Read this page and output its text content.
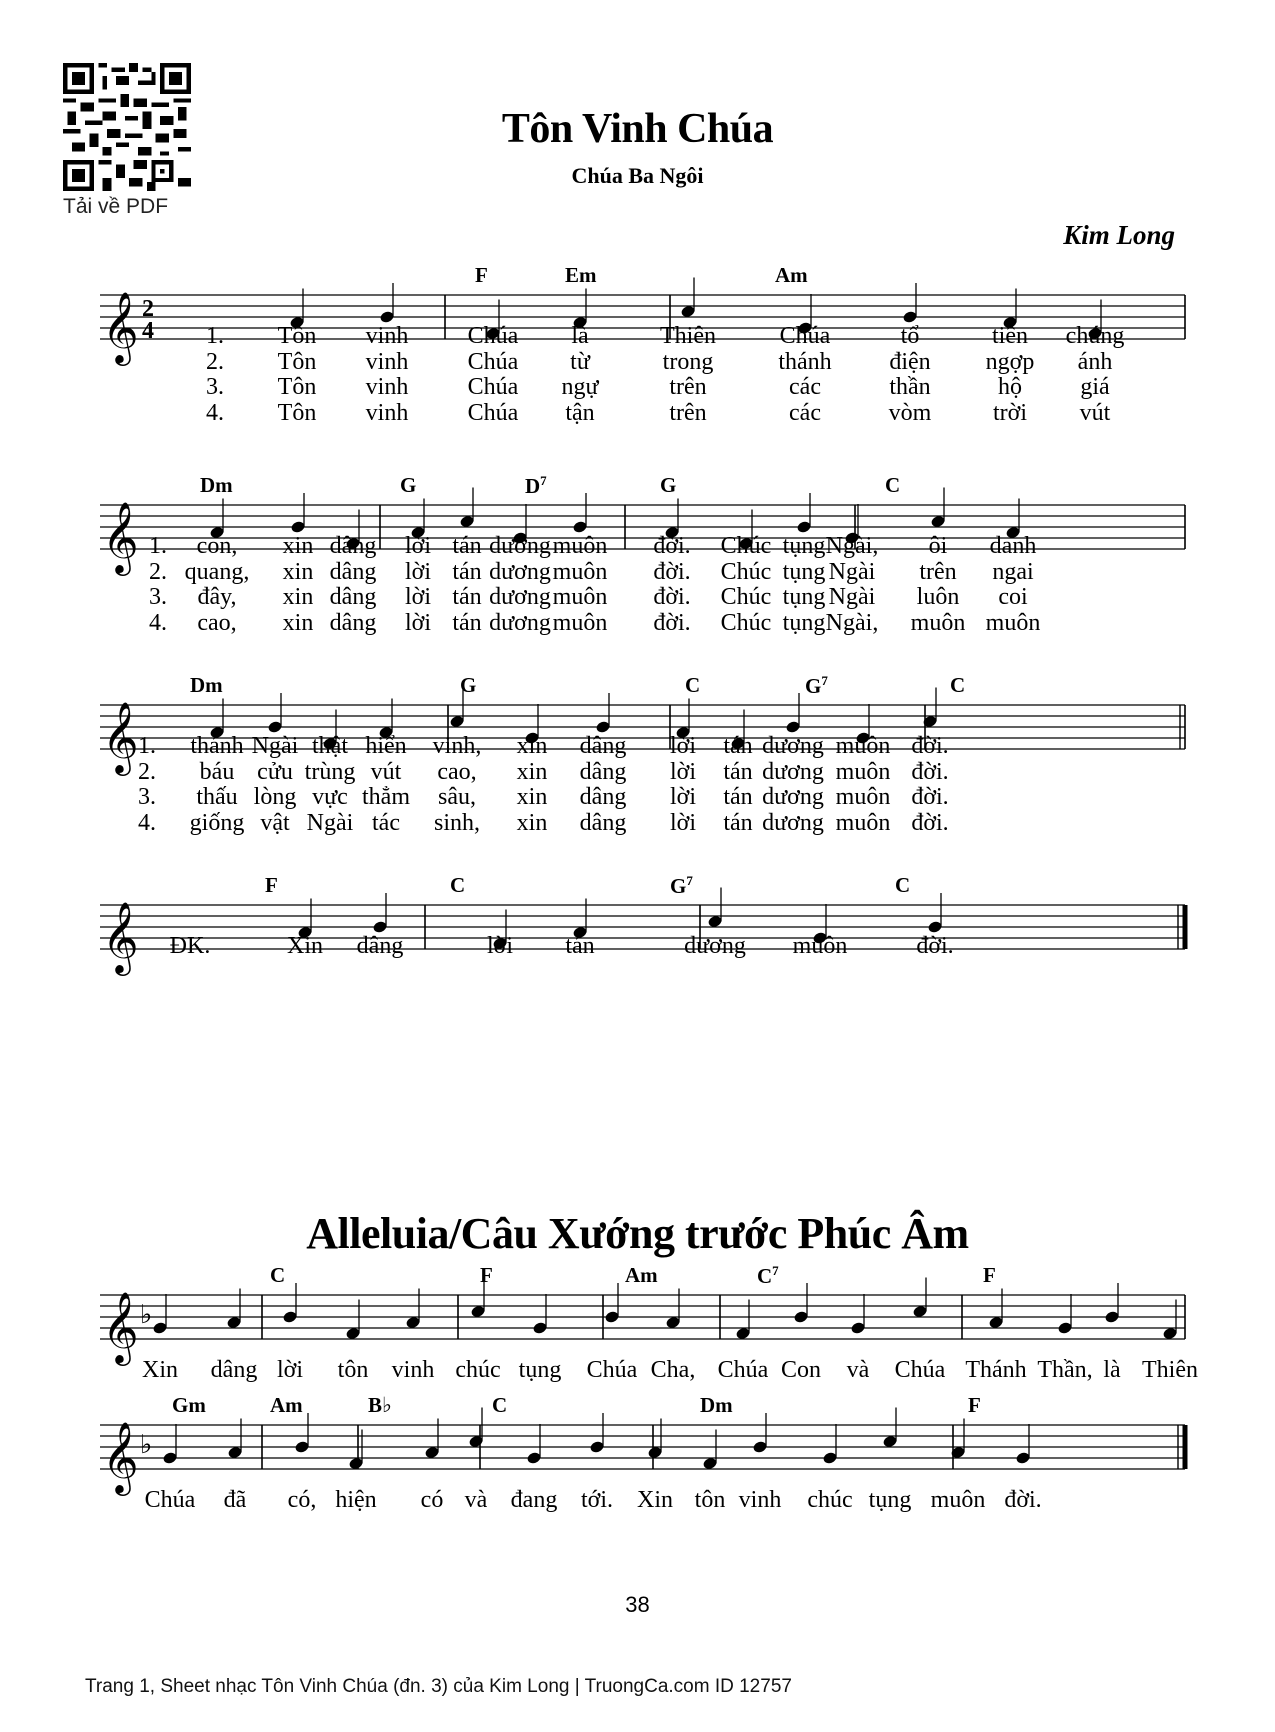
Tải về PDF
Tôn Vinh Chúa
Chúa Ba Ngôi
Kim Long
𝄞 2
4
F	Em	Am
1. Tôn vinh Chúa là	Thiên	Chúa	tổ	tiên chúng
2. Tôn vinh Chúa từ	trong	thánh điện ngợp ánh
3. Tôn vinh Chúa ngự	trên	các	thần	hộ giá
4. Tôn vinh Chúa tận	trên	các	vòm	trời vút
𝄞
Dm	G	$D^7$	G	C
1. con, xin dâng lời tán dương muôn đời. Chúc tụng Ngài, ôi danh
2. quang, xin dâng lời tán dương muôn đời. Chúc tụng Ngài trên ngai
3. đây, xin dâng lời tán dương muôn đời. Chúc tụng Ngài luôn coi
4. cao, xin dâng lời tán dương muôn đời. Chúc tụng Ngài, muôn muôn
𝄞
Dm	G	C	$G^7$	C
1. thánh Ngài thật hiển vinh, xin dâng lời tán dương muôn đời.
2. báu cửu trùng vút cao, xin dâng lời tán dương muôn đời.
3. thấu lòng vực thẳm sâu, xin dâng lời tán dương muôn đời.
4. giống vật Ngài tác sinh, xin dâng lời tán dương muôn đời.
𝄞
F	C	$G^7$	C
ĐK.	Xin dâng	lời tán	dương muôn	đời.
Alleluia/Câu Xướng trước Phúc Âm
𝄞 ♭
C	F	Am	$C^7$	F
Xin dâng lời tôn vinh chúc tụng Chúa Cha, Chúa Con và Chúa Thánh Thần, là Thiên
𝄞 ♭
Gm	Am	B♭	C	Dm	F
Chúa đã có, hiện có và đang tới. Xin tôn vinh chúc tụng muôn đời.
38
Trang 1, Sheet nhạc Tôn Vinh Chúa (đn. 3) của Kim Long | TruongCa.com ID 12757
